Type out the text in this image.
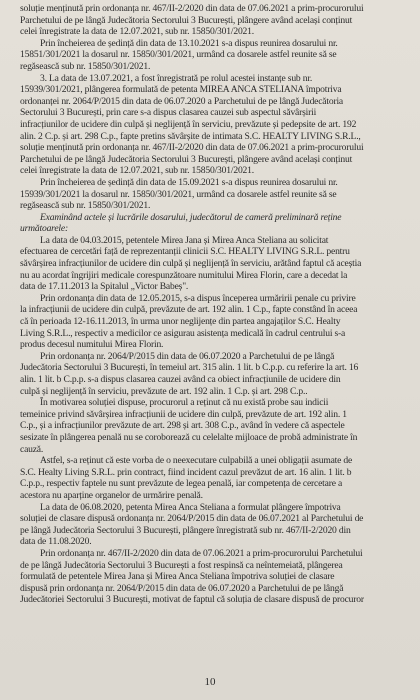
soluție menținută prin ordonanța nr. 467/II-2/2020 din data de 07.06.2021 a prim-procurorului
Parchetului de pe lângă Judecătoria Sectorului 3 București, plângere având același conținut
celei înregistrate la data de 12.07.2021, sub nr. 15850/301/2021.
Prin încheierea de ședință din data de 13.10.2021 s-a dispus reunirea dosarului nr.
15851/301/2021 la dosarul nr. 15850/301/2021, urmând ca dosarele astfel reunite să se
regăsească sub nr. 15850/301/2021.
3. La data de 13.07.2021, a fost înregistrată pe rolul acestei instanțe sub nr.
15939/301/2021, plângerea formulată de petenta MIREA ANCA STELIANA împotriva
ordonanței nr. 2064/P/2015 din data de 06.07.2020 a Parchetului de pe lângă Judecătoria
Sectorului 3 București, prin care s-a dispus clasarea cauzei sub aspectul săvârșirii
infracțiunilor de ucidere din culpă și neglijență în serviciu, prevăzute și pedepsite de art. 192
alin. 2 C.p. și art. 298 C.p., fapte pretins săvârșite de intimata S.C. HEALTY LIVING S.R.L.,
soluție menținută prin ordonanța nr. 467/II-2/2020 din data de 07.06.2021 a prim-procurorului
Parchetului de pe lângă Judecătoria Sectorului 3 București, plângere având același conținut
celei înregistrate la data de 12.07.2021, sub nr. 15850/301/2021.
Prin încheierea de ședință din data de 15.09.2021 s-a dispus reunirea dosarului nr.
15939/301/2021 la dosarul nr. 15850/301/2021, urmând ca dosarele astfel reunite să se
regăsească sub nr. 15850/301/2021.
Examinând actele și lucrările dosarului, judecătorul de cameră preliminară reține
următoarele:
La data de 04.03.2015, petentele Mirea Jana și Mirea Anca Steliana au solicitat
efectuarea de cercetări față de reprezentanții clinicii S.C. HEALTY LIVING S.R.L. pentru
săvârșirea infracțiunilor de ucidere din culpă și neglijență în serviciu, arătând faptul că aceștia
nu au acordat îngrijiri medicale corespunzătoare numitului Mirea Florin, care a decedat la
data de 17.11.2013 la Spitalul „Victor Babeș".
Prin ordonanța din data de 12.05.2015, s-a dispus începerea urmăririi penale cu privire
la infracțiunii de ucidere din culpă, prevăzute de art. 192 alin. 1 C.p., fapte constând în aceea
că în perioada 12-16.11.2013, în urma unor neglijențe din partea angajaților S.C. Healty
Living S.R.L., respectiv a medicilor ce asigurau asistența medicală în cadrul centrului s-a
produs decesul numitului Mirea Florin.
Prin ordonanța nr. 2064/P/2015 din data de 06.07.2020 a Parchetului de pe lângă
Judecătoria Sectorului 3 București, în temeiul art. 315 alin. 1 lit. b C.p.p. cu referire la art. 16
alin. 1 lit. b C.p.p. s-a dispus clasarea cauzei având ca obiect infracțiunile de ucidere din
culpă și neglijență în serviciu, prevăzute de art. 192 alin. 1 C.p. și art. 298 C.p..
În motivarea soluției dispuse, procurorul a reținut că nu există probe sau indicii
temeinice privind săvârșirea infracțiunii de ucidere din culpă, prevăzute de art. 192 alin. 1
C.p., și a infracțiunilor prevăzute de art. 298 și art. 308 C.p., având în vedere că aspectele
sesizate în plângerea penală nu se coroborează cu celelalte mijloace de probă administrate în
cauză.
Astfel, s-a reținut că este vorba de o neexecutare culpabilă a unei obligații asumate de
S.C. Healty Living S.R.L. prin contract, fiind incident cazul prevăzut de art. 16 alin. 1 lit. b
C.p.p., respectiv faptele nu sunt prevăzute de legea penală, iar competența de cercetare a
acestora nu aparține organelor de urmărire penală.
La data de 06.08.2020, petenta Mirea Anca Steliana a formulat plângere împotriva
soluției de clasare dispusă ordonanța nr. 2064/P/2015 din data de 06.07.2021 al Parchetului de
pe lângă Judecătoria Sectorului 3 București, plângere înregistrată sub nr. 467/II-2/2020 din
data de 11.08.2020.
Prin ordonanța nr. 467/II-2/2020 din data de 07.06.2021 a prim-procurorului Parchetului
de pe lângă Judecătoria Sectorului 3 București a fost respinsă ca neîntemeiată, plângerea
formulată de petentele Mirea Jana și Mirea Anca Steliana împotriva soluției de clasare
dispusă prin ordonanța nr. 2064/P/2015 din data de 06.07.2020 a Parchetului de pe lângă
Judecătoriei Sectorului 3 București, motivat de faptul că soluția de clasare dispusă de procuror
10
